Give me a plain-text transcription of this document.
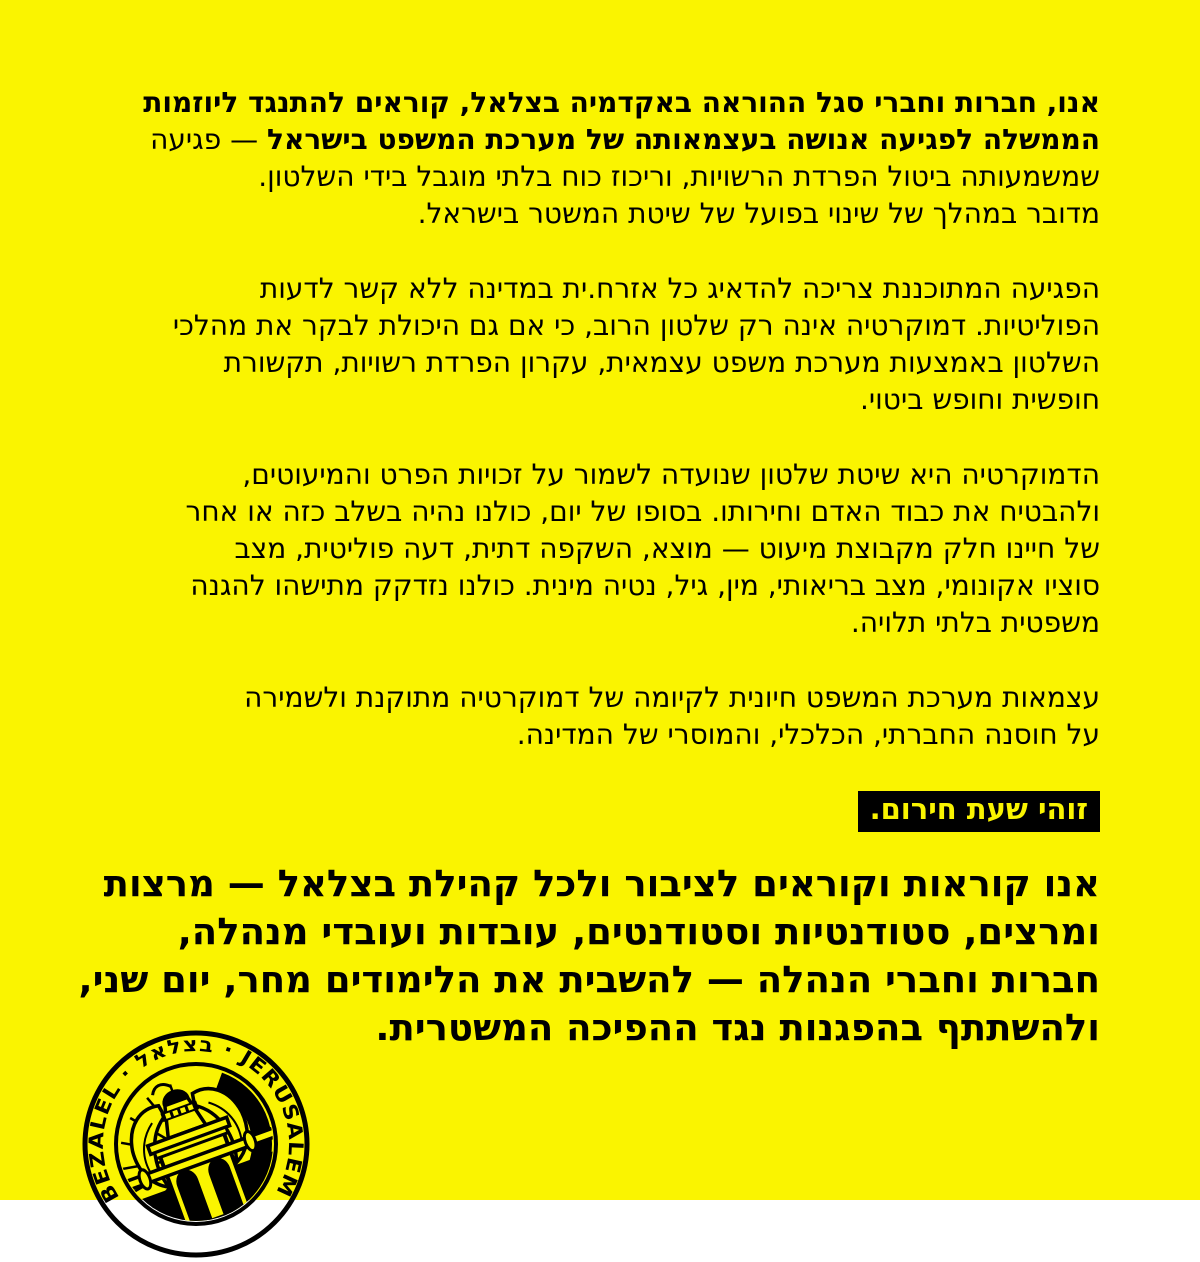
אנו, חברות וחברי סגל ההוראה באקדמיה בצלאל, קוראים להתנגד ליוזמות
הממשלה לפגיעה אנושה בעצמאותה של מערכת המשפט בישראל — פגיעה
שמשמעותה ביטול הפרדת הרשויות, וריכוז כוח בלתי מוגבל בידי השלטון.
מדובר במהלך של שינוי בפועל של שיטת המשטר בישראל.
הפגיעה המתוכננת צריכה להדאיג כל אזרח.ית במדינה ללא קשר לדעות
הפוליטיות. דמוקרטיה אינה רק שלטון הרוב, כי אם גם היכולת לבקר את מהלכי
השלטון באמצעות מערכת משפט עצמאית, עקרון הפרדת רשויות, תקשורת
חופשית וחופש ביטוי.
הדמוקרטיה היא שיטת שלטון שנועדה לשמור על זכויות הפרט והמיעוטים,
ולהבטיח את כבוד האדם וחירותו. בסופו של יום, כולנו נהיה בשלב כזה או אחר
של חיינו חלק מקבוצת מיעוט — מוצא, השקפה דתית, דעה פוליטית, מצב
סוציו אקונומי, מצב בריאותי, מין, גיל, נטיה מינית. כולנו נזדקק מתישהו להגנה
משפטית בלתי תלויה.
עצמאות מערכת המשפט חיונית לקיומה של דמוקרטיה מתוקנת ולשמירה
על חוסנה החברתי, הכלכלי, והמוסרי של המדינה.
זוהי שעת חירום.
אנו קוראות וקוראים לציבור ולכל קהילת בצלאל — מרצות
ומרצים, סטודנטיות וסטודנטים, עובדות ועובדי מנהלה,
חברות וחברי הנהלה — להשבית את הלימודים מחר, יום שני,
ולהשתתף בהפגנות נגד ההפיכה המשטרית.
BEZALEL · בצלאל · JERUSALEM
